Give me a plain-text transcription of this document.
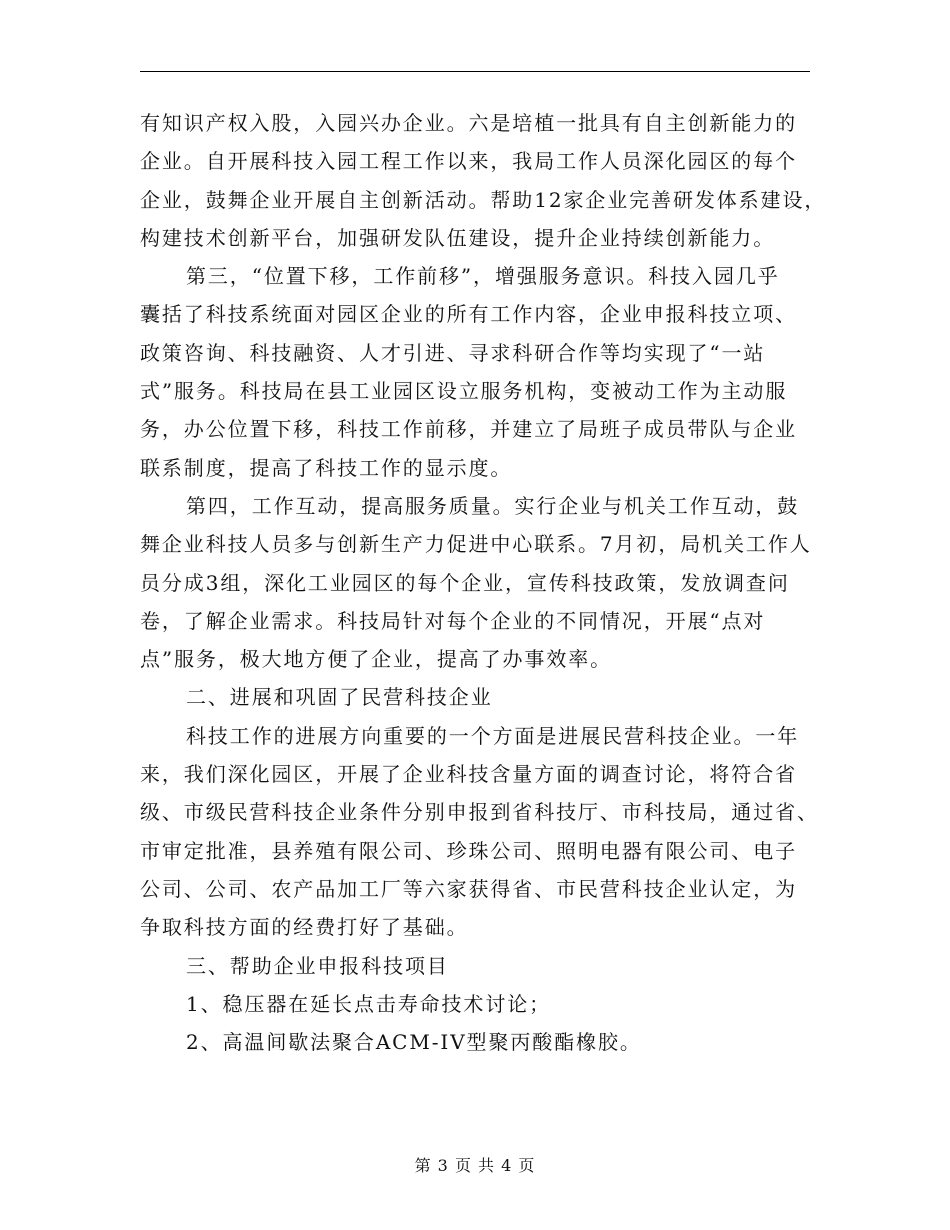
有知识产权入股，入园兴办企业。六是培植一批具有自主创新能力的
企业。自开展科技入园工程工作以来，我局工作人员深化园区的每个
企业，鼓舞企业开展自主创新活动。帮助12家企业完善研发体系建设，
构建技术创新平台，加强研发队伍建设，提升企业持续创新能力。
第三，“位置下移，工作前移”，增强服务意识。科技入园几乎
囊括了科技系统面对园区企业的所有工作内容，企业申报科技立项、
政策咨询、科技融资、人才引进、寻求科研合作等均实现了“一站
式”服务。科技局在县工业园区设立服务机构，变被动工作为主动服
务，办公位置下移，科技工作前移，并建立了局班子成员带队与企业
联系制度，提高了科技工作的显示度。
第四，工作互动，提高服务质量。实行企业与机关工作互动，鼓
舞企业科技人员多与创新生产力促进中心联系。7月初，局机关工作人
员分成3组，深化工业园区的每个企业，宣传科技政策，发放调查问
卷，了解企业需求。科技局针对每个企业的不同情况，开展“点对
点”服务，极大地方便了企业，提高了办事效率。
二、进展和巩固了民营科技企业
科技工作的进展方向重要的一个方面是进展民营科技企业。一年
来，我们深化园区，开展了企业科技含量方面的调查讨论，将符合省
级、市级民营科技企业条件分别申报到省科技厅、市科技局，通过省、
市审定批准，县养殖有限公司、珍珠公司、照明电器有限公司、电子
公司、公司、农产品加工厂等六家获得省、市民营科技企业认定，为
争取科技方面的经费打好了基础。
三、帮助企业申报科技项目
1、稳压器在延长点击寿命技术讨论；
2、高温间歇法聚合ACM-IV型聚丙酸酯橡胶。
第 3 页 共 4 页
